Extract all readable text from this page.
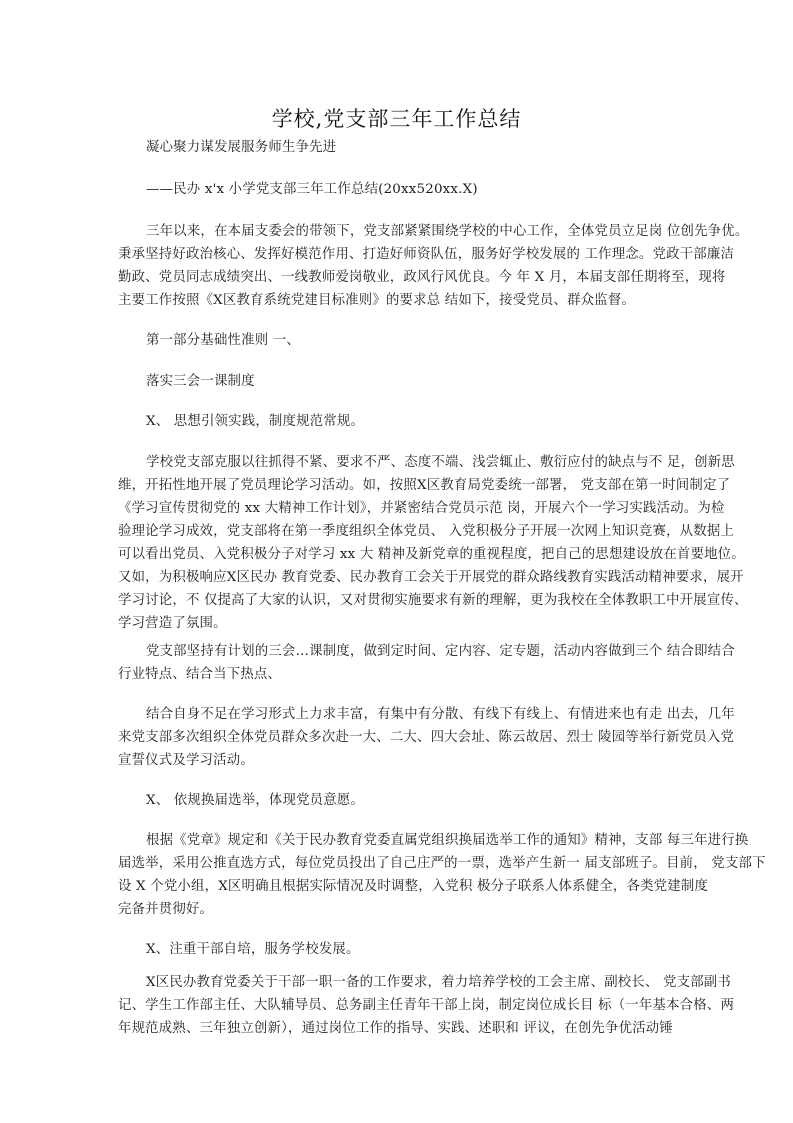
学校,党支部三年工作总结
凝心聚力谋发展服务师生争先进
——民办 x'x 小学党支部三年工作总结(20xx520xx.X)
三年以来，在本届支委会的带领下，党支部紧紧围绕学校的中心工作，全体党员立足岗 位创先争优。
秉承坚持好政治核心、发挥好模范作用、打造好师资队伍，服务好学校发展的 工作理念。党政干部廉洁
勤政、党员同志成绩突出、一线教师爱岗敬业，政风行风优良。今 年 X 月，本届支部任期将至，现将
主要工作按照《X区教育系统党建目标准则》的要求总 结如下，接受党员、群众监督。
第一部分基础性准则 一、
落实三会一课制度
X、 思想引领实践，制度规范常规。
学校党支部克服以往抓得不紧、要求不严、态度不端、浅尝辄止、敷衍应付的缺点与不 足，创新思
维，开拓性地开展了党员理论学习活动。如，按照X区教育局党委统一部署， 党支部在第一时间制定了
《学习宣传贯彻党的 xx 大精神工作计划》，并紧密结合党员示范 岗，开展六个一学习实践活动。为检
验理论学习成效，党支部将在第一季度组织全体党员、 入党积极分子开展一次网上知识竞赛，从数据上
可以看出党员、入党积极分子对学习 xx 大 精神及新党章的重视程度，把自己的思想建设放在首要地位。
又如，为积极响应X区民办 教育党委、民办教育工会关于开展党的群众路线教育实践活动精神要求，展开
学习讨论，不 仅提高了大家的认识，又对贯彻实施要求有新的理解，更为我校在全体教职工中开展宣传、
学习营造了氛围。
党支部坚持有计划的三会…课制度，做到定时间、定内容、定专题，活动内容做到三个 结合即结合
行业特点、结合当下热点、
结合自身不足在学习形式上力求丰富，有集中有分散、有线下有线上、有情进来也有走 出去，几年
来党支部多次组织全体党员群众多次赴一大、二大、四大会址、陈云故居、烈士 陵园等举行新党员入党
宣誓仪式及学习活动。
X、 依规换届选举，体现党员意愿。
根据《党章》规定和《关于民办教育党委直属党组织换届选举工作的通知》精神，支部 每三年进行换
届选举，采用公推直选方式，每位党员投出了自己庄严的一票，选举产生新一 届支部班子。目前， 党支部下
设 X 个党小组，X区明确且根据实际情况及时调整，入党积 极分子联系人体系健全，各类党建制度
完备并贯彻好。
X、注重干部自培，服务学校发展。
X区民办教育党委关于干部一职一备的工作要求，着力培养学校的工会主席、副校长、 党支部副书
记、学生工作部主任、大队辅导员、总务副主任青年干部上岗，制定岗位成长目 标（一年基本合格、两
年规范成熟、三年独立创新），通过岗位工作的指导、实践、述职和 评议，在创先争优活动锤
